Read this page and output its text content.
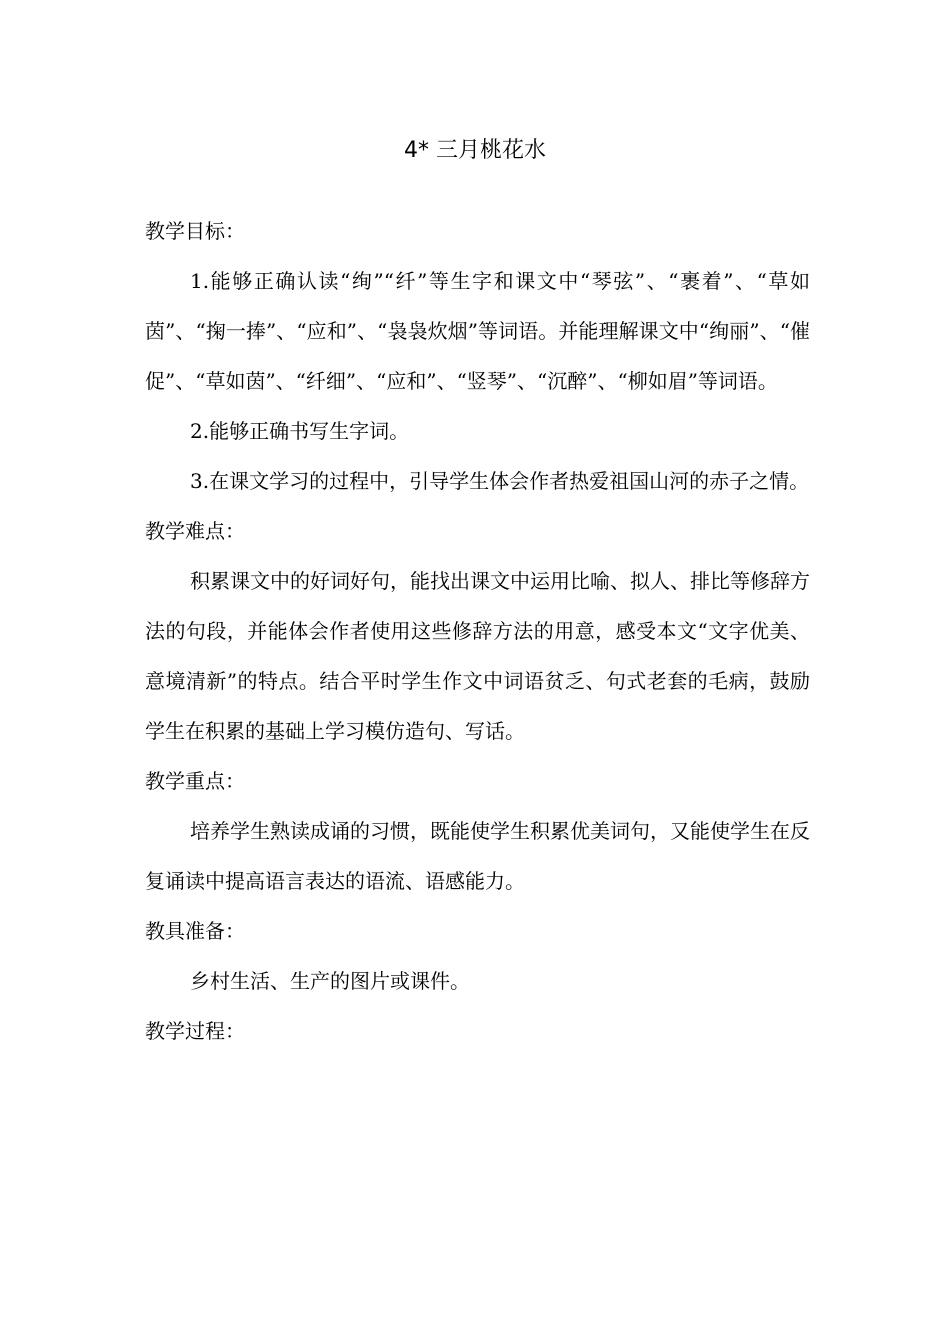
4* 三月桃花水

教学目标：

1.能够正确认读“绚”“纤”等生字和课文中“琴弦”、“裹着”、“草如茵”、“掬一捧”、“应和”、“袅袅炊烟”等词语。并能理解课文中“绚丽”、“催促”、“草如茵”、“纤细”、“应和”、“竖琴”、“沉醉”、“柳如眉”等词语。

2.能够正确书写生字词。

3.在课文学习的过程中，引导学生体会作者热爱祖国山河的赤子之情。

教学难点：

积累课文中的好词好句，能找出课文中运用比喻、拟人、排比等修辞方法的句段，并能体会作者使用这些修辞方法的用意，感受本文“文字优美、意境清新”的特点。结合平时学生作文中词语贫乏、句式老套的毛病，鼓励学生在积累的基础上学习模仿造句、写话。

教学重点：

培养学生熟读成诵的习惯，既能使学生积累优美词句，又能使学生在反复诵读中提高语言表达的语流、语感能力。

教具准备：

乡村生活、生产的图片或课件。

教学过程：
